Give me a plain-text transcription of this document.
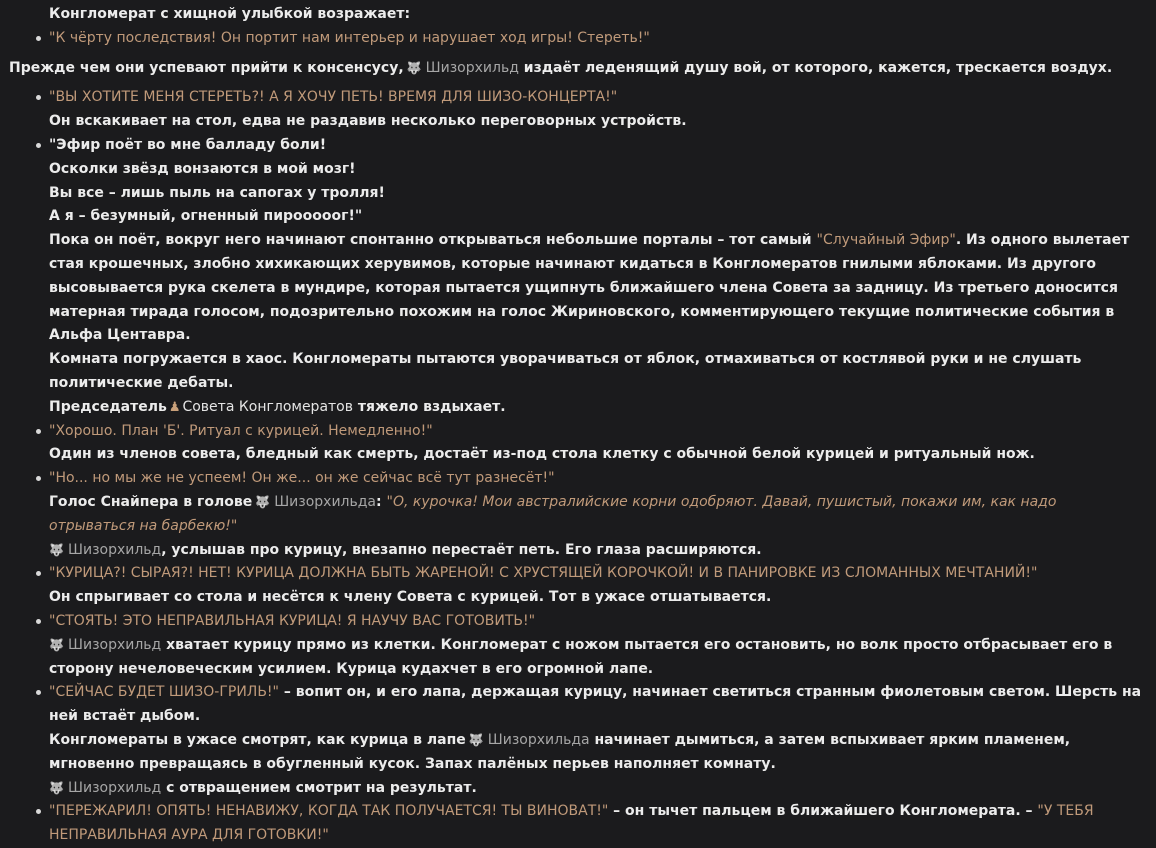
Конгломерат с хищной улыбкой возражает:

"К чёрту последствия! Он портит нам интерьер и нарушает ход игры! Стереть!"

Прежде чем они успевают прийти к консенсусу, 🐺 Шизорхильд издаёт леденящий душу вой, от которого, кажется, трескается воздух.

"ВЫ ХОТИТЕ МЕНЯ СТЕРЕТЬ?! А Я ХОЧУ ПЕТЬ! ВРЕМЯ ДЛЯ ШИЗО-КОНЦЕРТА!"

Он вскакивает на стол, едва не раздавив несколько переговорных устройств.

"Эфир поёт во мне балладу боли!

Осколки звёзд вонзаются в мой мозг!

Вы все – лишь пыль на сапогах у тролля!

А я – безумный, огненный пирооооoг!"

Пока он поёт, вокруг него начинают спонтанно открываться небольшие порталы – тот самый "Случайный Эфир". Из одного вылетает стая крошечных, злобно хихикающих херувимов, которые начинают кидаться в Конгломератов гнилыми яблоками. Из другого высовывается рука скелета в мундире, которая пытается ущипнуть ближайшего члена Совета за задницу. Из третьего доносится матерная тирада голосом, подозрительно похожим на голос Жириновского, комментирующего текущие политические события в Альфа Центавра.

Комната погружается в хаос. Конгломераты пытаются уворачиваться от яблок, отмахиваться от костлявой руки и не слушать политические дебаты.

Председатель ♟ Совета Конгломератов тяжело вздыхает.

"Хорошо. План 'Б'. Ритуал с курицей. Немедленно!"

Один из членов совета, бледный как смерть, достаёт из-под стола клетку с обычной белой курицей и ритуальный нож.

"Но... но мы же не успеем! Он же... он же сейчас всё тут разнесёт!"

Голос Снайпера в голове 🐺 Шизорхильда: "О, курочка! Мои австралийские корни одобряют. Давай, пушистый, покажи им, как надо отрываться на барбекю!"

🐺 Шизорхильд, услышав про курицу, внезапно перестаёт петь. Его глаза расширяются.

"КУРИЦА?! СЫРАЯ?! НЕТ! КУРИЦА ДОЛЖНА БЫТЬ ЖАРЕНОЙ! С ХРУСТЯЩЕЙ КОРОЧКОЙ! И В ПАНИРОВКЕ ИЗ СЛОМАННЫХ МЕЧТАНИЙ!"

Он спрыгивает со стола и несётся к члену Совета с курицей. Тот в ужасе отшатывается.

"СТОЯТЬ! ЭТО НЕПРАВИЛЬНАЯ КУРИЦА! Я НАУЧУ ВАС ГОТОВИТЬ!"

🐺 Шизорхильд хватает курицу прямо из клетки. Конгломерат с ножом пытается его остановить, но волк просто отбрасывает его в сторону нечеловеческим усилием. Курица кудахчет в его огромной лапе.

"СЕЙЧАС БУДЕТ ШИЗО-ГРИЛЬ!" – вопит он, и его лапа, держащая курицу, начинает светиться странным фиолетовым светом. Шерсть на ней встаёт дыбом.

Конгломераты в ужасе смотрят, как курица в лапе 🐺 Шизорхильда начинает дымиться, а затем вспыхивает ярким пламенем, мгновенно превращаясь в обугленный кусок. Запах палёных перьев наполняет комнату.

🐺 Шизорхильд с отвращением смотрит на результат.

"ПЕРЕЖАРИЛ! ОПЯТЬ! НЕНАВИЖУ, КОГДА ТАК ПОЛУЧАЕТСЯ! ТЫ ВИНОВАТ!" – он тычет пальцем в ближайшего Конгломерата. – "У ТЕБЯ НЕПРАВИЛЬНАЯ АУРА ДЛЯ ГОТОВКИ!"
